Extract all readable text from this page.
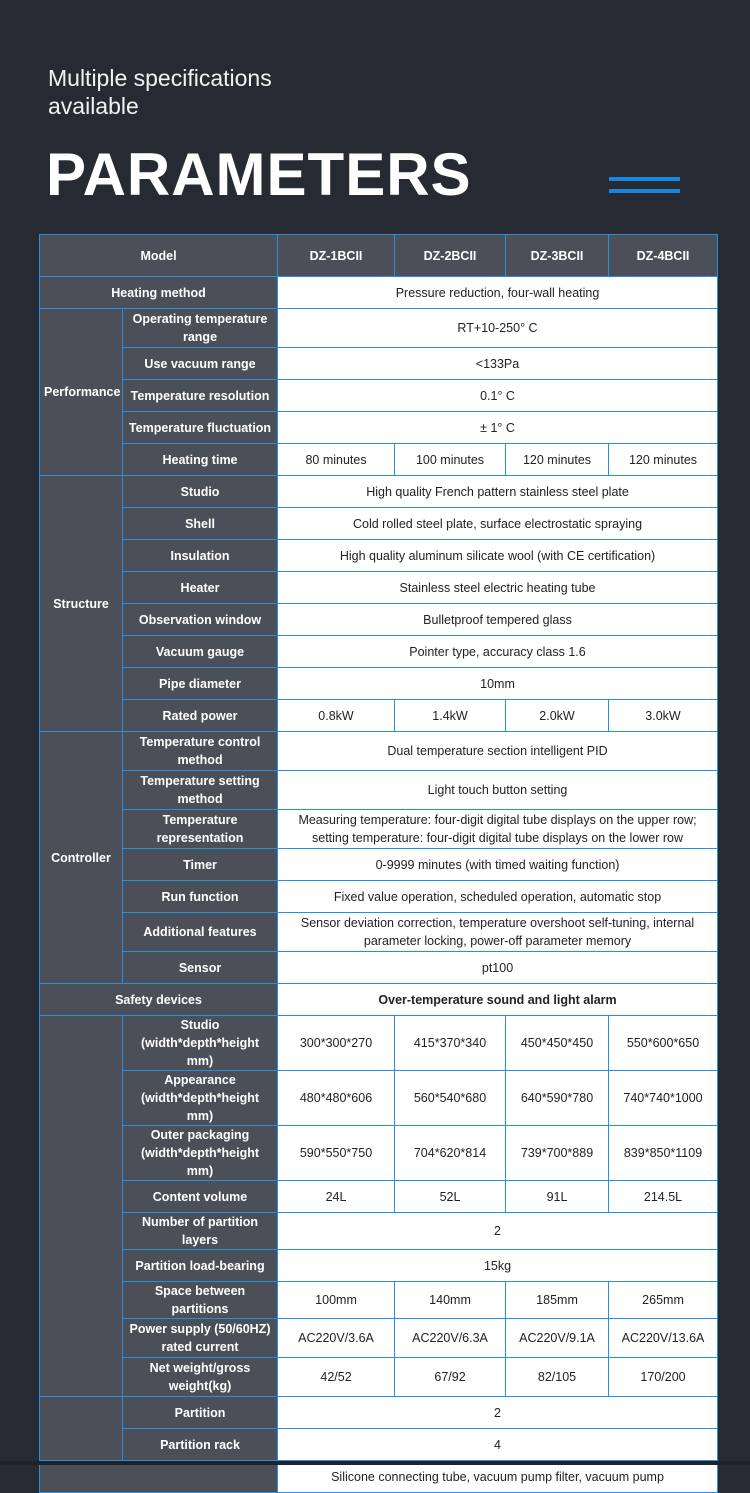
Multiple specifications
available
PARAMETERS
Model		DZ-1BCII	DZ-2BCII	DZ-3BCII	DZ-4BCII
Heating method		Pressure reduction, four-wall heating			
Performance	Operating temperature range	RT+10-250° C			
	Use vacuum range	<133Pa			
	Temperature resolution	0.1° C			
	Temperature fluctuation	± 1° C			
	Heating time	80 minutes	100 minutes	120 minutes	120 minutes
Structure	Studio	High quality French pattern stainless steel plate			
	Shell	Cold rolled steel plate, surface electrostatic spraying			
	Insulation	High quality aluminum silicate wool (with CE certification)			
	Heater	Stainless steel electric heating tube			
	Observation window	Bulletproof tempered glass			
	Vacuum gauge	Pointer type, accuracy class 1.6			
	Pipe diameter	10mm			
	Rated power	0.8kW	1.4kW	2.0kW	3.0kW
Controller	Temperature control method	Dual temperature section intelligent PID			
	Temperature setting method	Light touch button setting			
	Temperature representation	Measuring temperature: four-digit digital tube displays on the upper row; setting temperature: four-digit digital tube displays on the lower row			
	Timer	0-9999 minutes (with timed waiting function)			
	Run function	Fixed value operation, scheduled operation, automatic stop			
	Additional features	Sensor deviation correction, temperature overshoot self-tuning, internal parameter locking, power-off parameter memory			
	Sensor	pt100			
Safety devices		Over-temperature sound and light alarm			
	Studio (width*depth*height mm)	300*300*270	415*370*340	450*450*450	550*600*650
	Appearance (width*depth*height mm)	480*480*606	560*540*680	640*590*780	740*740*1000
	Outer packaging (width*depth*height mm)	590*550*750	704*620*814	739*700*889	839*850*1109
	Content volume	24L	52L	91L	214.5L
	Number of partition layers	2			
	Partition load-bearing	15kg			
	Space between partitions	100mm	140mm	185mm	265mm
	Power supply (50/60HZ) rated current	AC220V/3.6A	AC220V/6.3A	AC220V/9.1A	AC220V/13.6A
	Net weight/gross weight(kg)	42/52	67/92	82/105	170/200
	Partition	2			
	Partition rack	4			
		Silicone connecting tube, vacuum pump filter, vacuum pump			
